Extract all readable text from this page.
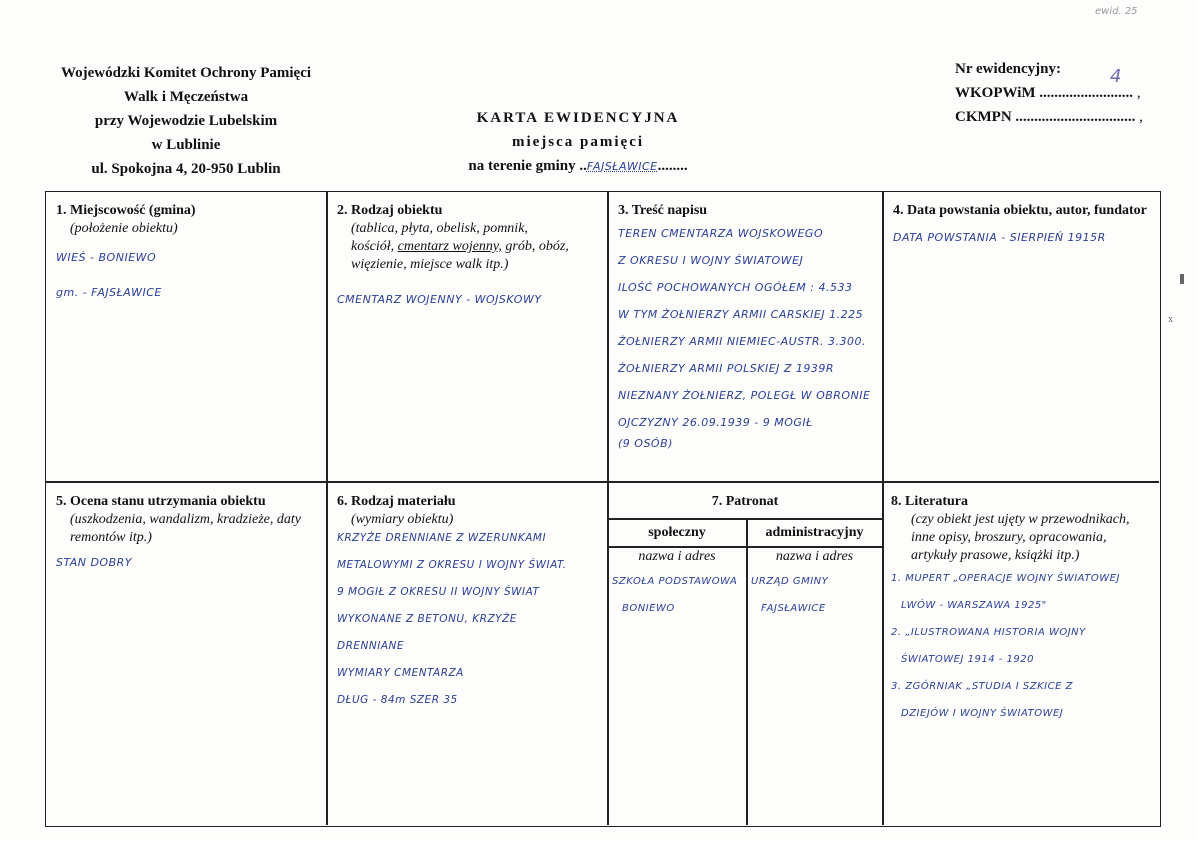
ewid. 25
Wojewódzki Komitet Ochrony Pamięci
Walk i Męczeństwa
przy Wojewodzie Lubelskim
w Lublinie
ul. Spokojna 4, 20-950 Lublin
KARTA EWIDENCYJNA
miejsca pamięci
na terenie gminy ..FAJSŁAWICE........
Nr ewidencyjny:
WKOPWiM ......................... ,
CKMPN ................................ ,
4
x
1. Miejscowość (gmina)
(położenie obiektu)
WIEŚ - BONIEWO
gm. - FAJSŁAWICE
2. Rodzaj obiektu
(tablica, płyta, obelisk, pomnik,
kościół, cmentarz wojenny, grób, obóz,
więzienie, miejsce walk itp.)
CMENTARZ WOJENNY - WOJSKOWY
3. Treść napisu
TEREN CMENTARZA WOJSKOWEGO
Z OKRESU I WOJNY ŚWIATOWEJ
ILOŚĆ POCHOWANYCH OGÓŁEM : 4.533
W TYM ŻOŁNIERZY ARMII CARSKIEJ 1.225
ŻOŁNIERZY ARMII NIEMIEC-AUSTR. 3.300.
ŻOŁNIERZY ARMII POLSKIEJ Z 1939R
NIEZNANY ŻOŁNIERZ, POLEGŁ W OBRONIE
OJCZYZNY 26.09.1939 - 9 MOGIŁ
(9 OSÓB)
4. Data powstania obiektu, autor, fundator
DATA POWSTANIA - SIERPIEŃ 1915R
5. Ocena stanu utrzymania obiektu
(uszkodzenia, wandalizm, kradzieże, daty remontów itp.)
STAN DOBRY
6. Rodzaj materiału
(wymiary obiektu)
KRZYŻE DRENNIANE Z WZERUNKAMI
METALOWYMI Z OKRESU I WOJNY ŚWIAT.
9 MOGIŁ Z OKRESU II WOJNY ŚWIAT
WYKONANE Z BETONU, KRZYŻE
DRENNIANE
WYMIARY CMENTARZA
DŁUG - 84m SZER 35
7. Patronat
społeczny
nazwa i adres
SZKOŁA PODSTAWOWA
BONIEWO
administracyjny
nazwa i adres
URZĄD GMINY
FAJSŁAWICE
8. Literatura
(czy obiekt jest ujęty w przewodnikach, inne opisy, broszury, opracowania, artykuły prasowe, książki itp.)
1. MUPERT „OPERACJE WOJNY ŚWIATOWEJ
LWÓW - WARSZAWA 1925"
2. „ILUSTROWANA HISTORIA WOJNY
ŚWIATOWEJ 1914 - 1920
3. ZGÓRNIAK „STUDIA I SZKICE Z
DZIEJÓW I WOJNY ŚWIATOWEJ
